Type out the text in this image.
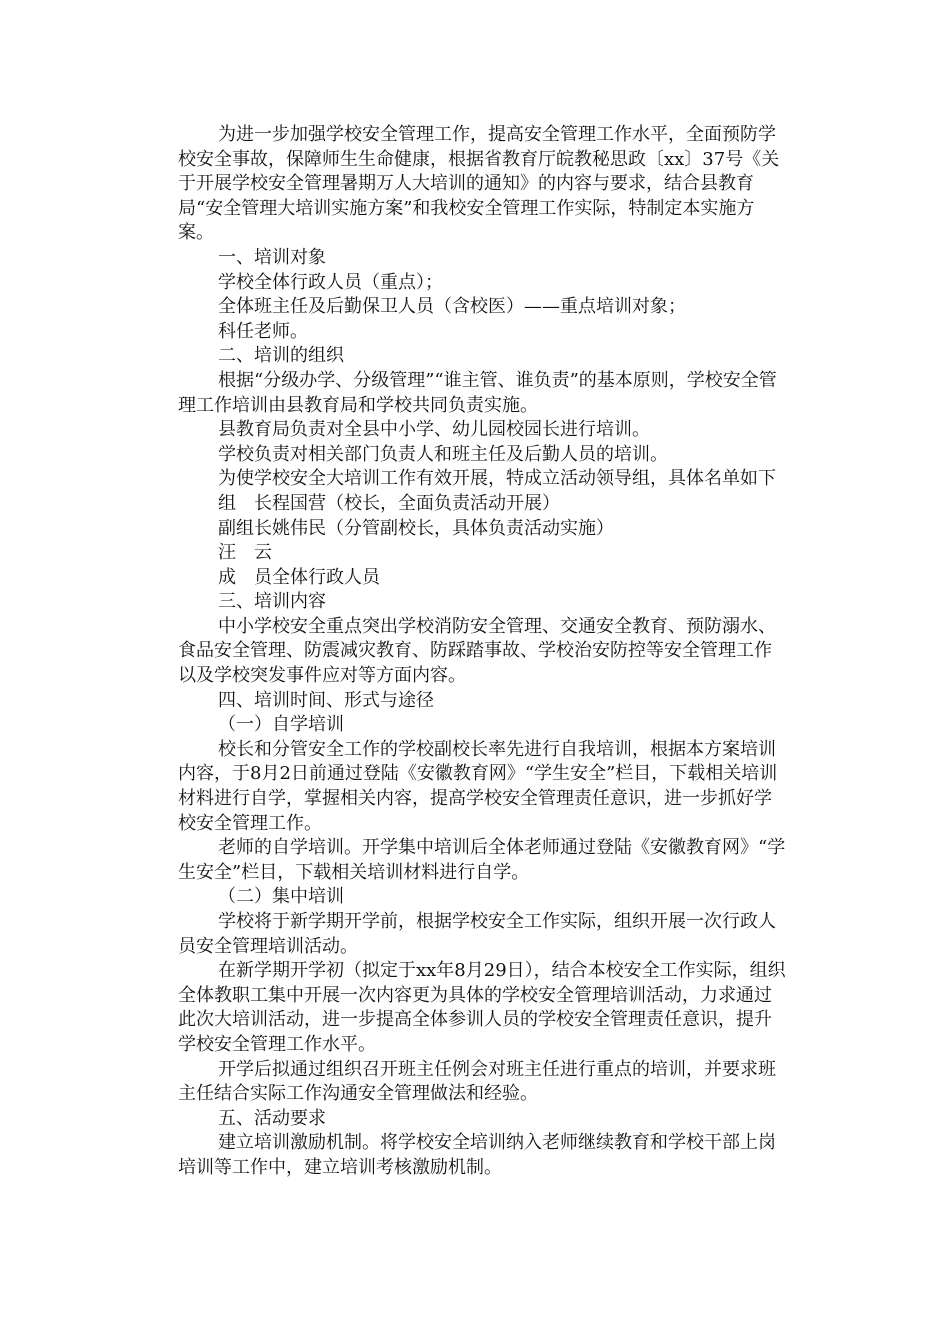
为进一步加强学校安全管理工作，提高安全管理工作水平，全面预防学校安全事故，保障师生生命健康，根据省教育厅皖教秘思政〔xx〕37号《关于开展学校安全管理暑期万人大培训的通知》的内容与要求，结合县教育局“安全管理大培训实施方案”和我校安全管理工作实际，特制定本实施方案。

一、培训对象

学校全体行政人员（重点）；

全体班主任及后勤保卫人员（含校医）——重点培训对象；

科任老师。

二、培训的组织

根据“分级办学、分级管理”“谁主管、谁负责”的基本原则，学校安全管理工作培训由县教育局和学校共同负责实施。

县教育局负责对全县中小学、幼儿园校园长进行培训。

学校负责对相关部门负责人和班主任及后勤人员的培训。

为使学校安全大培训工作有效开展，特成立活动领导组，具体名单如下

组　长程国营（校长，全面负责活动开展）

副组长姚伟民（分管副校长，具体负责活动实施）

汪　云

成　员全体行政人员

三、培训内容

中小学校安全重点突出学校消防安全管理、交通安全教育、预防溺水、食品安全管理、防震减灾教育、防踩踏事故、学校治安防控等安全管理工作以及学校突发事件应对等方面内容。

四、培训时间、形式与途径

（一）自学培训

校长和分管安全工作的学校副校长率先进行自我培训，根据本方案培训内容，于8月2日前通过登陆《安徽教育网》“学生安全”栏目，下载相关培训材料进行自学，掌握相关内容，提高学校安全管理责任意识，进一步抓好学校安全管理工作。

老师的自学培训。开学集中培训后全体老师通过登陆《安徽教育网》“学生安全”栏目，下载相关培训材料进行自学。

（二）集中培训

学校将于新学期开学前，根据学校安全工作实际，组织开展一次行政人员安全管理培训活动。

在新学期开学初（拟定于xx年8月29日），结合本校安全工作实际，组织全体教职工集中开展一次内容更为具体的学校安全管理培训活动，力求通过此次大培训活动，进一步提高全体参训人员的学校安全管理责任意识，提升学校安全管理工作水平。

开学后拟通过组织召开班主任例会对班主任进行重点的培训，并要求班主任结合实际工作沟通安全管理做法和经验。

五、活动要求

建立培训激励机制。将学校安全培训纳入老师继续教育和学校干部上岗培训等工作中，建立培训考核激励机制。
